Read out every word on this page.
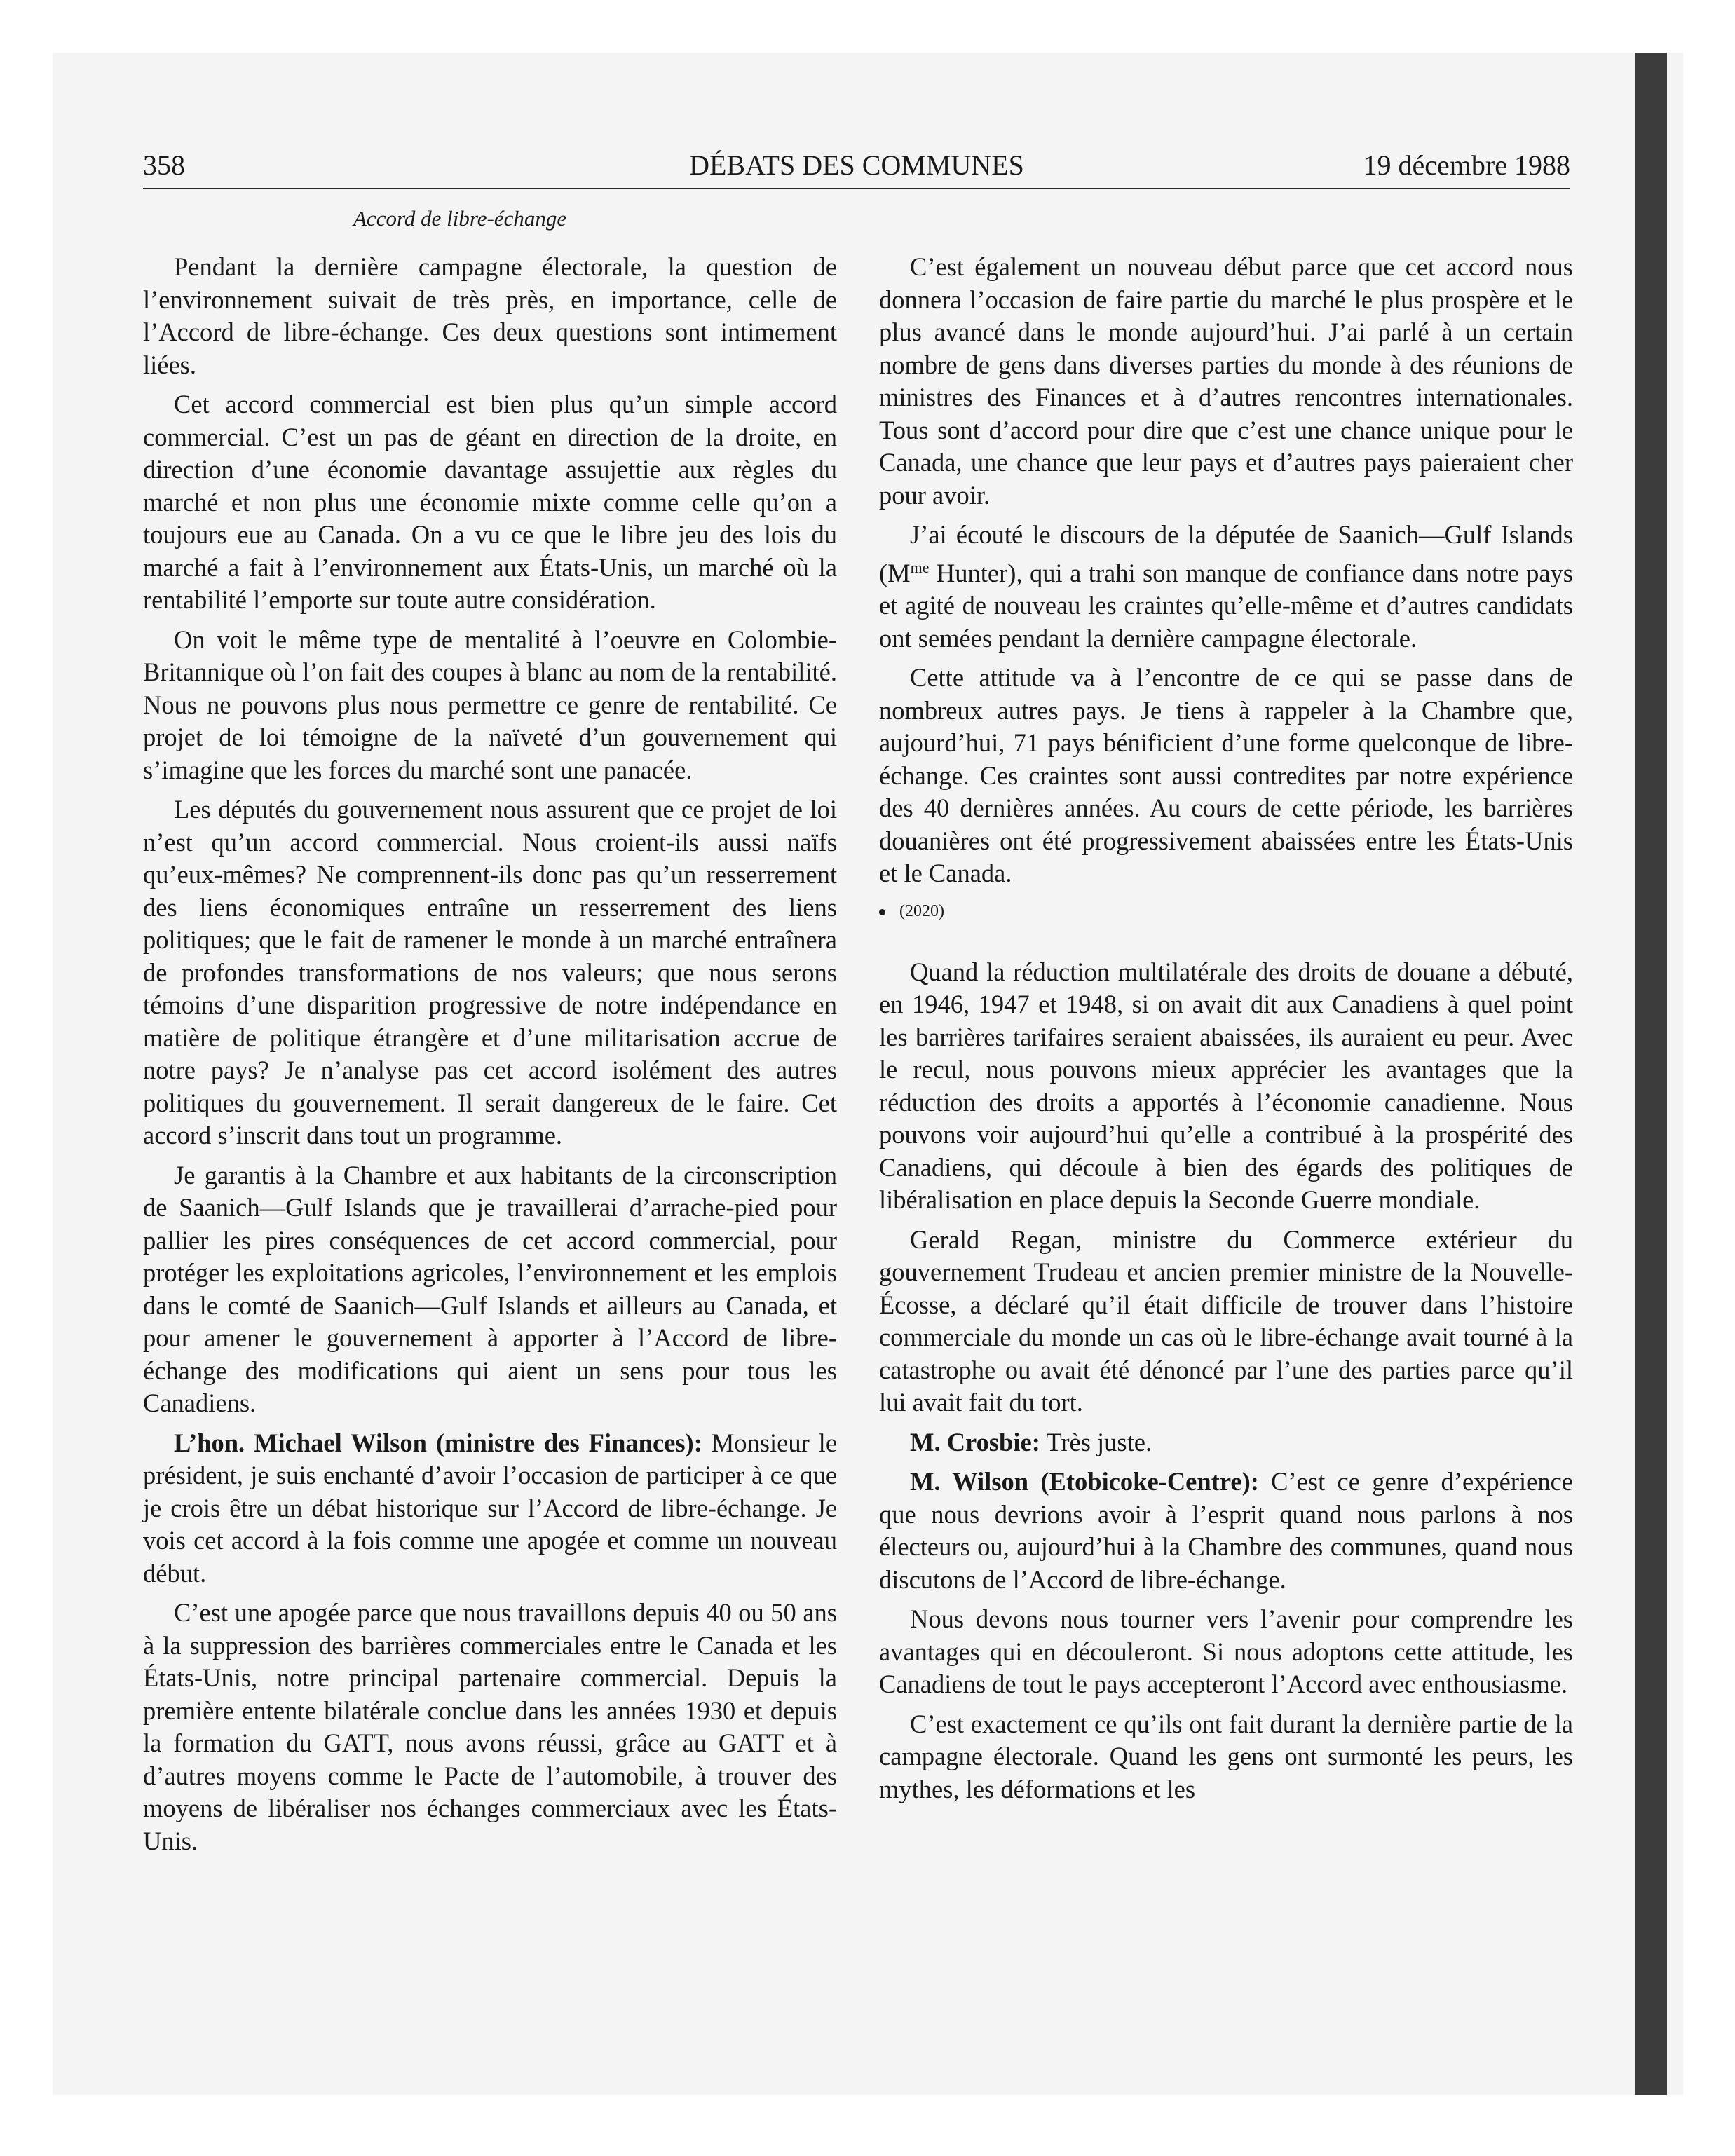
358	DÉBATS DES COMMUNES	19 décembre 1988
Accord de libre-échange

Pendant la dernière campagne électorale, la question de l’environnement suivait de très près, en importance, celle de l’Accord de libre-échange. Ces deux questions sont intimement liées.

Cet accord commercial est bien plus qu’un simple accord commercial. C’est un pas de géant en direction de la droite, en direction d’une économie davantage assujettie aux règles du marché et non plus une économie mixte comme celle qu’on a toujours eue au Canada. On a vu ce que le libre jeu des lois du marché a fait à l’environnement aux États-Unis, un marché où la rentabilité l’emporte sur toute autre considération.

On voit le même type de mentalité à l’oeuvre en Colombie-Britannique où l’on fait des coupes à blanc au nom de la rentabilité. Nous ne pouvons plus nous permettre ce genre de rentabilité. Ce projet de loi témoigne de la naïveté d’un gouvernement qui s’imagine que les forces du marché sont une panacée.

Les députés du gouvernement nous assurent que ce projet de loi n’est qu’un accord commercial. Nous croient-ils aussi naïfs qu’eux-mêmes? Ne comprennent-ils donc pas qu’un resserrement des liens économiques entraîne un resserrement des liens politiques; que le fait de ramener le monde à un marché entraînera de profondes transformations de nos valeurs; que nous serons témoins d’une disparition progressive de notre indépendance en matière de politique étrangère et d’une militarisation accrue de notre pays? Je n’analyse pas cet accord isolément des autres politiques du gouvernement. Il serait dangereux de le faire. Cet accord s’inscrit dans tout un programme.

Je garantis à la Chambre et aux habitants de la circonscription de Saanich—Gulf Islands que je travaillerai d’arrache-pied pour pallier les pires conséquences de cet accord commercial, pour protéger les exploitations agricoles, l’environnement et les emplois dans le comté de Saanich—Gulf Islands et ailleurs au Canada, et pour amener le gouvernement à apporter à l’Accord de libre-échange des modifications qui aient un sens pour tous les Canadiens.

L’hon. Michael Wilson (ministre des Finances): Monsieur le président, je suis enchanté d’avoir l’occasion de participer à ce que je crois être un débat historique sur l’Accord de libre-échange. Je vois cet accord à la fois comme une apogée et comme un nouveau début.

C’est une apogée parce que nous travaillons depuis 40 ou 50 ans à la suppression des barrières commerciales entre le Canada et les États-Unis, notre principal partenaire commercial. Depuis la première entente bilatérale conclue dans les années 1930 et depuis la formation du GATT, nous avons réussi, grâce au GATT et à d’autres moyens comme le Pacte de l’automobile, à trouver des moyens de libéraliser nos échanges commerciaux avec les États-Unis.

C’est également un nouveau début parce que cet accord nous donnera l’occasion de faire partie du marché le plus prospère et le plus avancé dans le monde aujourd’hui. J’ai parlé à un certain nombre de gens dans diverses parties du monde à des réunions de ministres des Finances et à d’autres rencontres internationales. Tous sont d’accord pour dire que c’est une chance unique pour le Canada, une chance que leur pays et d’autres pays paieraient cher pour avoir.

J’ai écouté le discours de la députée de Saanich—Gulf Islands ($M^{me}$ Hunter), qui a trahi son manque de confiance dans notre pays et agité de nouveau les craintes qu’elle-même et d’autres candidats ont semées pendant la dernière campagne électorale.

Cette attitude va à l’encontre de ce qui se passe dans de nombreux autres pays. Je tiens à rappeler à la Chambre que, aujourd’hui, 71 pays bénificient d’une forme quelconque de libre-échange. Ces craintes sont aussi contredites par notre expérience des 40 dernières années. Au cours de cette période, les barrières douanières ont été progressivement abaissées entre les États-Unis et le Canada.

(2020)

Quand la réduction multilatérale des droits de douane a débuté, en 1946, 1947 et 1948, si on avait dit aux Canadiens à quel point les barrières tarifaires seraient abaissées, ils auraient eu peur. Avec le recul, nous pouvons mieux apprécier les avantages que la réduction des droits a apportés à l’économie canadienne. Nous pouvons voir aujourd’hui qu’elle a contribué à la prospérité des Canadiens, qui découle à bien des égards des politiques de libéralisation en place depuis la Seconde Guerre mondiale.

Gerald Regan, ministre du Commerce extérieur du gouvernement Trudeau et ancien premier ministre de la Nouvelle-Écosse, a déclaré qu’il était difficile de trouver dans l’histoire commerciale du monde un cas où le libre-échange avait tourné à la catastrophe ou avait été dénoncé par l’une des parties parce qu’il lui avait fait du tort.

M. Crosbie: Très juste.

M. Wilson (Etobicoke-Centre): C’est ce genre d’expérience que nous devrions avoir à l’esprit quand nous parlons à nos électeurs ou, aujourd’hui à la Chambre des communes, quand nous discutons de l’Accord de libre-échange.

Nous devons nous tourner vers l’avenir pour comprendre les avantages qui en découleront. Si nous adoptons cette attitude, les Canadiens de tout le pays accepteront l’Accord avec enthousiasme.

C’est exactement ce qu’ils ont fait durant la dernière partie de la campagne électorale. Quand les gens ont surmonté les peurs, les mythes, les déformations et les
